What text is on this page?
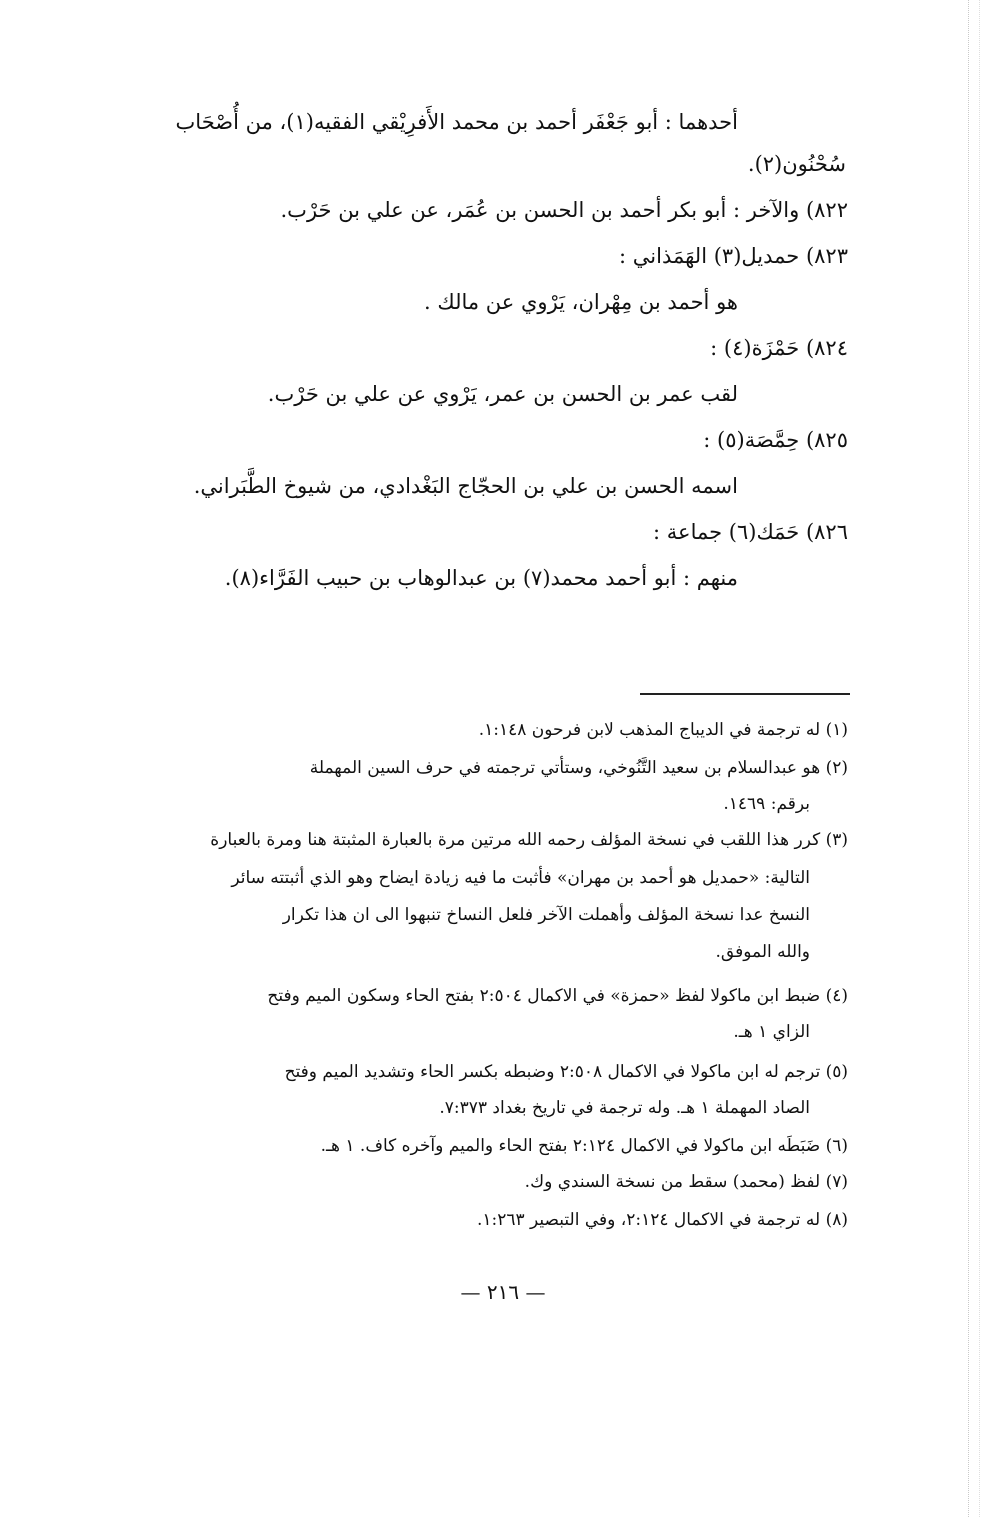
أحدهما : أبو جَعْفَر أحمد بن محمد الأَفرِيْقي الفقيه(١)، من أُصْحَاب
سُحْنُون(٢).
٨٢٢) والآخر : أبو بكر أحمد بن الحسن بن عُمَر، عن علي بن حَرْب.
٨٢٣) حمديل(٣) الهَمَذاني :
هو أحمد بن مِهْران، يَرْوي عن مالك .
٨٢٤) حَمْزَة(٤) :
لقب عمر بن الحسن بن عمر، يَرْوي عن علي بن حَرْب.
٨٢٥) حِمَّصَة(٥) :
اسمه الحسن بن علي بن الحجّاج البَغْدادي، من شيوخ الطَّبَراني.
٨٢٦) حَمَك(٦) جماعة :
منهم : أبو أحمد محمد(٧) بن عبدالوهاب بن حبيب الفَرَّاء(٨).
(١) له ترجمة في الديباج المذهب لابن فرحون ١:١٤٨.
(٢) هو عبدالسلام بن سعيد التَّنُوخي، وستأتي ترجمته في حرف السين المهملة
برقم: ١٤٦٩.
(٣) كرر هذا اللقب في نسخة المؤلف رحمه الله مرتين مرة بالعبارة المثبتة هنا ومرة بالعبارة
التالية: «حمديل هو أحمد بن مهران» فأثبت ما فيه زيادة ايضاح وهو الذي أثبتته سائر
النسخ عدا نسخة المؤلف وأهملت الآخر فلعل النساخ تنبهوا الى ان هذا تكرار
والله الموفق.
(٤) ضبط ابن ماكولا لفظ «حمزة» في الاكمال ٢:٥٠٤ بفتح الحاء وسكون الميم وفتح
الزاي ١ هـ.
(٥) ترجم له ابن ماكولا في الاكمال ٢:٥٠٨ وضبطه بكسر الحاء وتشديد الميم وفتح
الصاد المهملة ١ هـ. وله ترجمة في تاريخ بغداد ٧:٣٧٣.
(٦) ضَبَطَه ابن ماكولا في الاكمال ٢:١٢٤ بفتح الحاء والميم وآخره كاف. ١ هـ.
(٧) لفظ (محمد) سقط من نسخة السندي وك.
(٨) له ترجمة في الاكمال ٢:١٢٤، وفي التبصير ١:٢٦٣.
— ٢١٦ —
